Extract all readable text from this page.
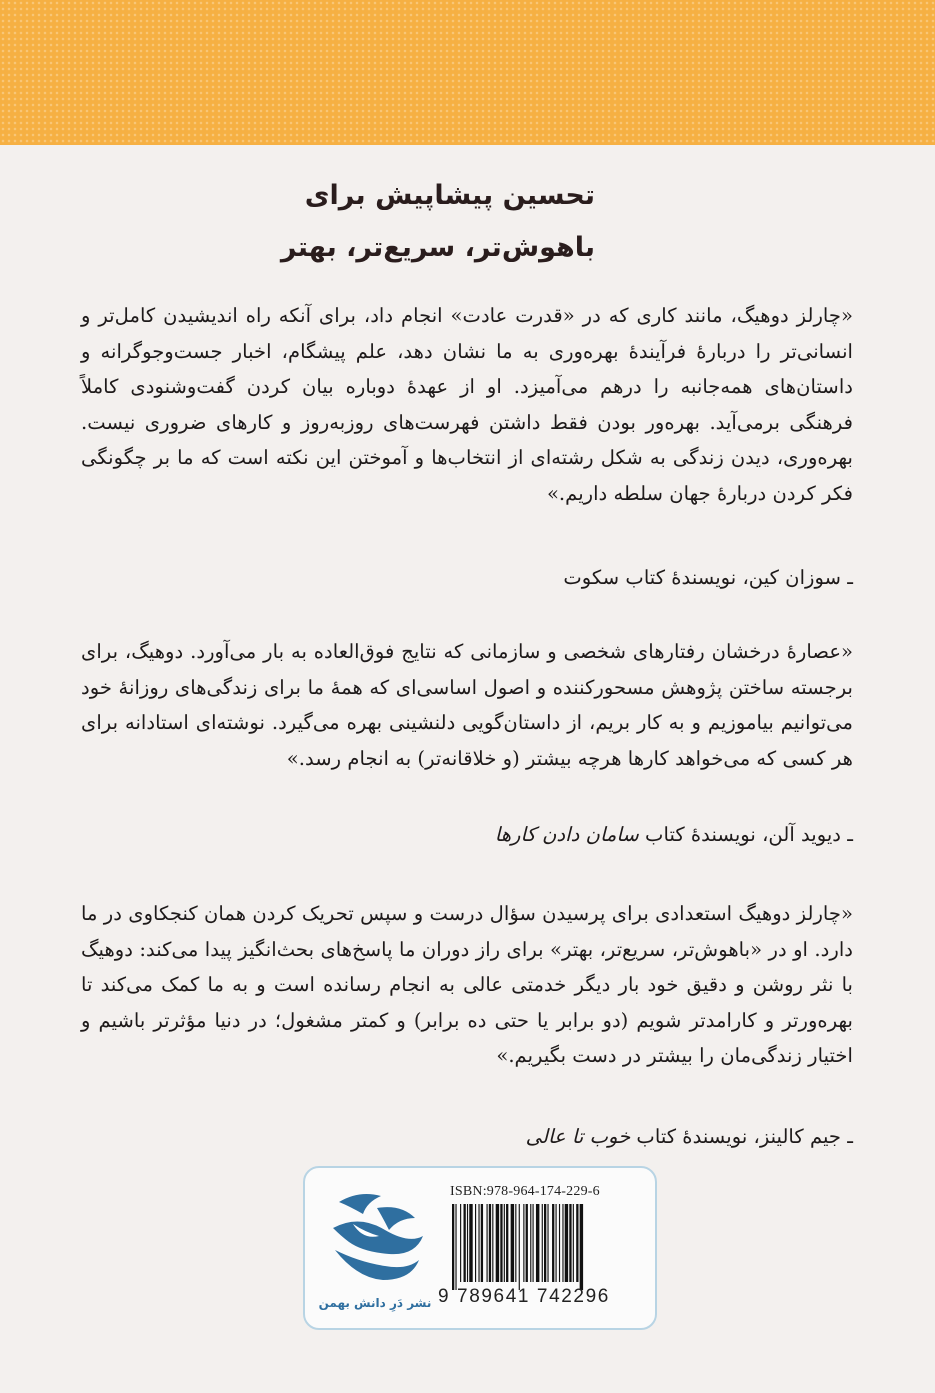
تحسین پیشاپیش برای
باهوش‌تر، سریع‌تر، بهتر

«چارلز دوهیگ، مانند کاری که در «قدرت عادت» انجام داد، برای آنکه راه اندیشیدن کامل‌تر و انسانی‌تر را دربارهٔ فرآیندهٔ بهره‌وری به ما نشان دهد، علم پیشگام، اخبار جست‌وجوگرانه و داستان‌های همه‌جانبه را درهم می‌آمیزد. او از عهدهٔ دوباره بیان کردن گفت‌وشنودی کاملاً فرهنگی برمی‌آید. بهره‌ور بودن فقط داشتن فهرست‌های روزبه‌روز و کارهای ضروری نیست. بهره‌وری، دیدن زندگی به شکل رشته‌ای از انتخاب‌ها و آموختن این نکته است که ما بر چگونگی فکر کردن دربارهٔ جهان سلطه داریم.»

ـ سوزان کین، نویسندهٔ کتاب سکوت

«عصارهٔ درخشان رفتارهای شخصی و سازمانی که نتایج فوق‌العاده به بار می‌آورد. دوهیگ، برای برجسته ساختن پژوهش مسحورکننده و اصول اساسی‌ای که همهٔ ما برای زندگی‌های روزانهٔ خود می‌توانیم بیاموزیم و به کار بریم، از داستان‌گویی دلنشینی بهره می‌گیرد. نوشته‌ای استادانه برای هر کسی که می‌خواهد کارها هرچه بیشتر (و خلاقانه‌تر) به انجام رسد.»

ـ دیوید آلن، نویسندهٔ کتاب سامان دادن کارها

«چارلز دوهیگ استعدادی برای پرسیدن سؤال درست و سپس تحریک کردن همان کنجکاوی در ما دارد. او در «باهوش‌تر، سریع‌تر، بهتر» برای راز دوران ما پاسخ‌های بحث‌انگیز پیدا می‌کند: دوهیگ با نثر روشن و دقیق خود بار دیگر خدمتی عالی به انجام رسانده است و به ما کمک می‌کند تا بهره‌ورتر و کارامدتر شویم (دو برابر یا حتی ده برابر) و کمتر مشغول؛ در دنیا مؤثرتر باشیم و اختیار زندگی‌مان را بیشتر در دست بگیریم.»

ـ جیم کالینز، نویسندهٔ کتاب خوب تا عالی
نشر دَرِ دانش بهمن
ISBN:978-964-174-229-6
9 789641 742296
